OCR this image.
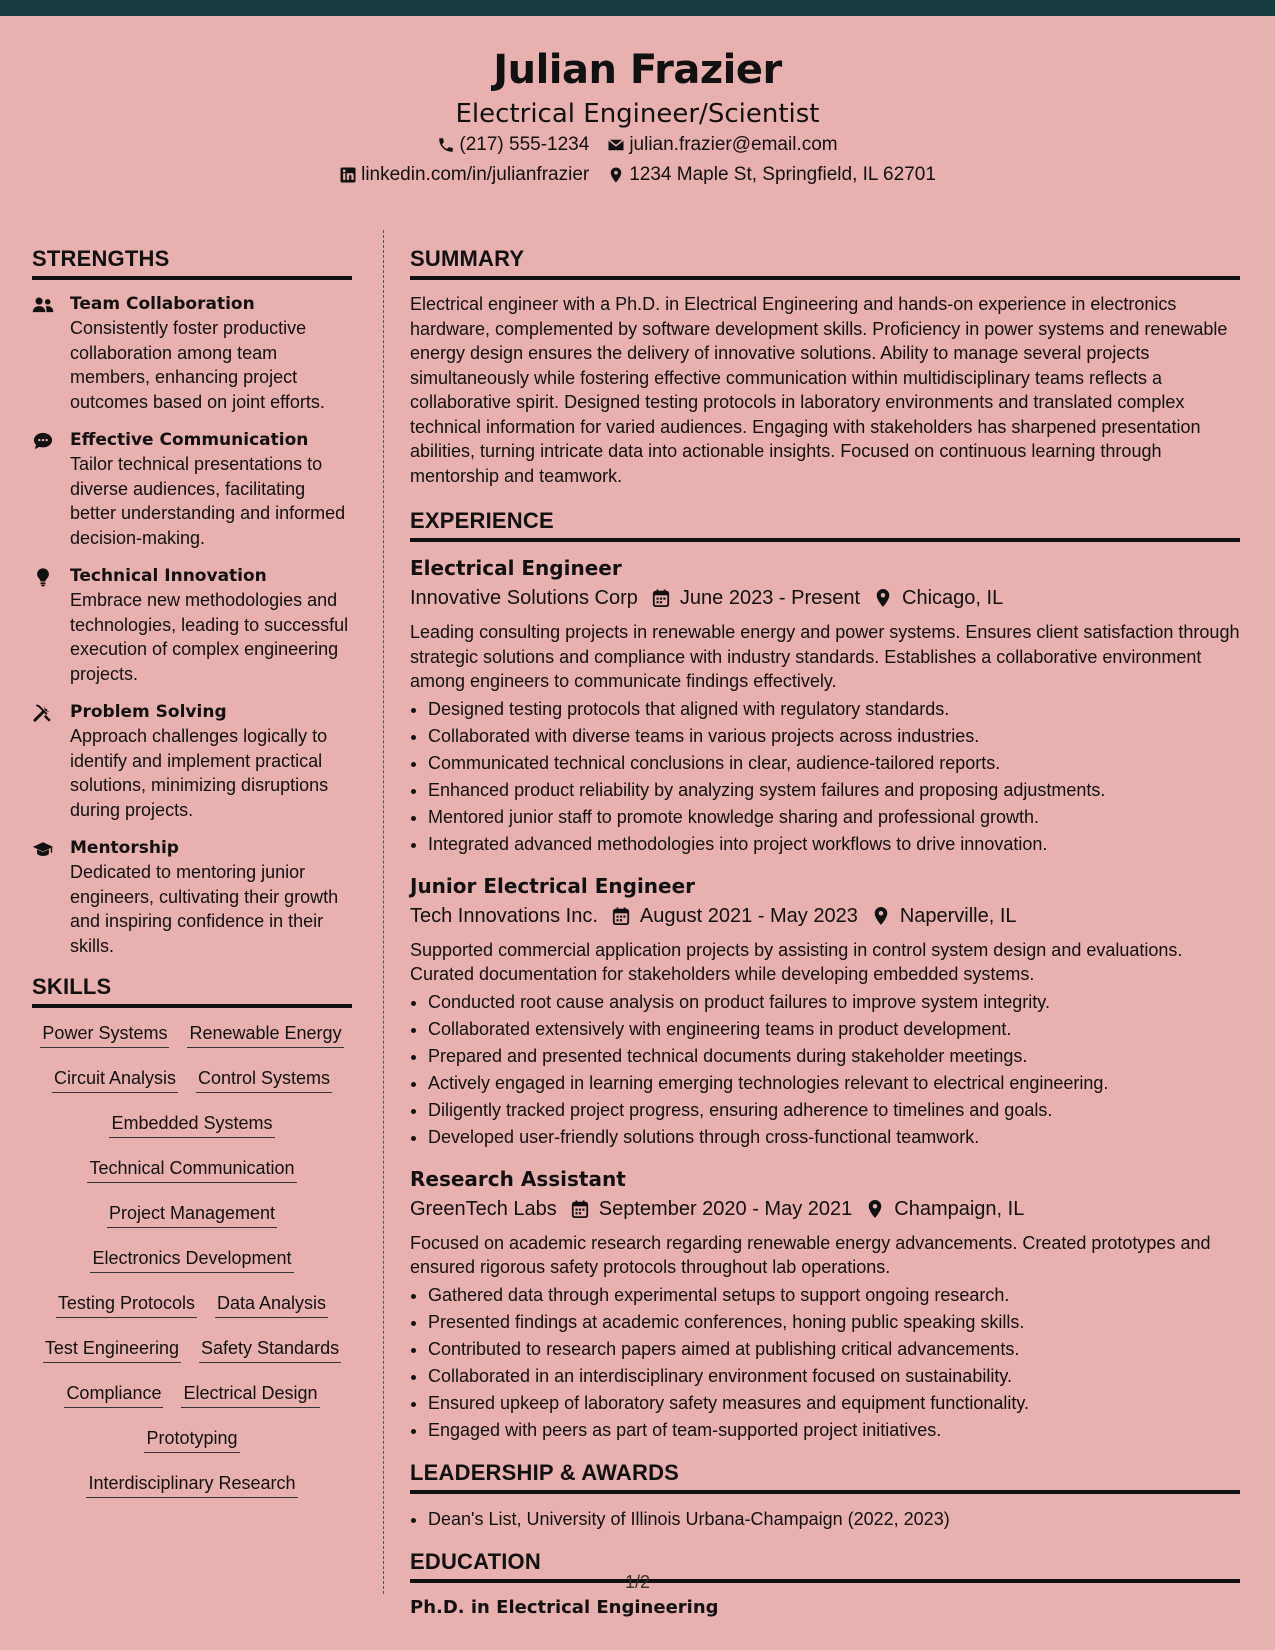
Julian Frazier
Electrical Engineer/Scientist
(217) 555-1234 julian.frazier@email.com
linkedin.com/in/julianfrazier 1234 Maple St, Springfield, IL 62701
STRENGTHS
Team Collaboration
Consistently foster productive collaboration among team members, enhancing project outcomes based on joint efforts.
Effective Communication
Tailor technical presentations to diverse audiences, facilitating better understanding and informed decision-making.
Technical Innovation
Embrace new methodologies and technologies, leading to successful execution of complex engineering projects.
Problem Solving
Approach challenges logically to identify and implement practical solutions, minimizing disruptions during projects.
Mentorship
Dedicated to mentoring junior engineers, cultivating their growth and inspiring confidence in their skills.
SKILLS
Power Systems Renewable Energy
Circuit Analysis Control Systems
Embedded Systems
Technical Communication
Project Management
Electronics Development
Testing Protocols Data Analysis
Test Engineering Safety Standards
Compliance Electrical Design
Prototyping
Interdisciplinary Research
SUMMARY
Electrical engineer with a Ph.D. in Electrical Engineering and hands-on experience in electronics hardware, complemented by software development skills. Proficiency in power systems and renewable energy design ensures the delivery of innovative solutions. Ability to manage several projects simultaneously while fostering effective communication within multidisciplinary teams reflects a collaborative spirit. Designed testing protocols in laboratory environments and translated complex technical information for varied audiences. Engaging with stakeholders has sharpened presentation abilities, turning intricate data into actionable insights. Focused on continuous learning through mentorship and teamwork.
EXPERIENCE
Electrical Engineer
Innovative Solutions Corp June 2023 - Present Chicago, IL
Leading consulting projects in renewable energy and power systems. Ensures client satisfaction through strategic solutions and compliance with industry standards. Establishes a collaborative environment among engineers to communicate findings effectively.
• Designed testing protocols that aligned with regulatory standards.
• Collaborated with diverse teams in various projects across industries.
• Communicated technical conclusions in clear, audience-tailored reports.
• Enhanced product reliability by analyzing system failures and proposing adjustments.
• Mentored junior staff to promote knowledge sharing and professional growth.
• Integrated advanced methodologies into project workflows to drive innovation.
Junior Electrical Engineer
Tech Innovations Inc. August 2021 - May 2023 Naperville, IL
Supported commercial application projects by assisting in control system design and evaluations. Curated documentation for stakeholders while developing embedded systems.
• Conducted root cause analysis on product failures to improve system integrity.
• Collaborated extensively with engineering teams in product development.
• Prepared and presented technical documents during stakeholder meetings.
• Actively engaged in learning emerging technologies relevant to electrical engineering.
• Diligently tracked project progress, ensuring adherence to timelines and goals.
• Developed user-friendly solutions through cross-functional teamwork.
Research Assistant
GreenTech Labs September 2020 - May 2021 Champaign, IL
Focused on academic research regarding renewable energy advancements. Created prototypes and ensured rigorous safety protocols throughout lab operations.
• Gathered data through experimental setups to support ongoing research.
• Presented findings at academic conferences, honing public speaking skills.
• Contributed to research papers aimed at publishing critical advancements.
• Collaborated in an interdisciplinary environment focused on sustainability.
• Ensured upkeep of laboratory safety measures and equipment functionality.
• Engaged with peers as part of team-supported project initiatives.
LEADERSHIP & AWARDS
• Dean's List, University of Illinois Urbana-Champaign (2022, 2023)
EDUCATION
Ph.D. in Electrical Engineering
1/2
